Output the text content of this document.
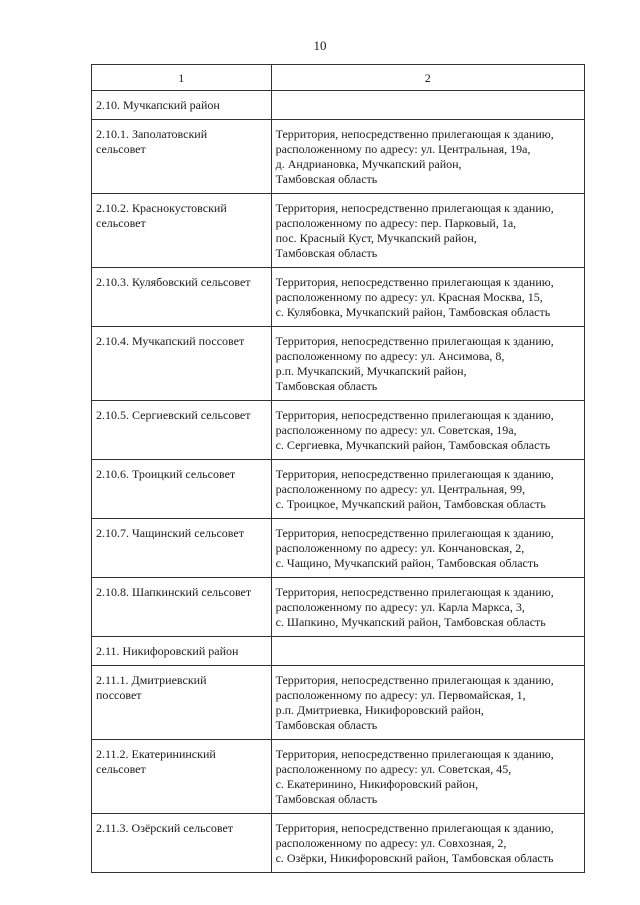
10
1	2

2.10. Мучкапский район	

2.10.1. Заполатовский
сельсовет	Территория, непосредственно прилегающая к зданию,
расположенному по адресу: ул. Центральная, 19а,
д. Андриановка, Мучкапский район,
Тамбовская область

2.10.2. Краснокустовский
сельсовет	Территория, непосредственно прилегающая к зданию,
расположенному по адресу: пер. Парковый, 1а,
пос. Красный Куст, Мучкапский район,
Тамбовская область

2.10.3. Кулябовский сельсовет	Территория, непосредственно прилегающая к зданию,
расположенному по адресу: ул. Красная Москва, 15,
с. Кулябовка, Мучкапский район, Тамбовская область

2.10.4. Мучкапский поссовет	Территория, непосредственно прилегающая к зданию,
расположенному по адресу: ул. Ансимова, 8,
р.п. Мучкапский, Мучкапский район,
Тамбовская область

2.10.5. Сергиевский сельсовет	Территория, непосредственно прилегающая к зданию,
расположенному по адресу: ул. Советская, 19а,
с. Сергиевка, Мучкапский район, Тамбовская область

2.10.6. Троицкий сельсовет	Территория, непосредственно прилегающая к зданию,
расположенному по адресу: ул. Центральная, 99,
с. Троицкое, Мучкапский район, Тамбовская область

2.10.7. Чащинский сельсовет	Территория, непосредственно прилегающая к зданию,
расположенному по адресу: ул. Кончановская, 2,
с. Чащино, Мучкапский район, Тамбовская область

2.10.8. Шапкинский сельсовет	Территория, непосредственно прилегающая к зданию,
расположенному по адресу: ул. Карла Маркса, 3,
с. Шапкино, Мучкапский район, Тамбовская область

2.11. Никифоровский район	

2.11.1. Дмитриевский
поссовет	Территория, непосредственно прилегающая к зданию,
расположенному по адресу: ул. Первомайская, 1,
р.п. Дмитриевка, Никифоровский район,
Тамбовская область

2.11.2. Екатерининский
сельсовет	Территория, непосредственно прилегающая к зданию,
расположенному по адресу: ул. Советская, 45,
с. Екатеринино, Никифоровский район,
Тамбовская область

2.11.3. Озёрский сельсовет	Территория, непосредственно прилегающая к зданию,
расположенному по адресу: ул. Совхозная, 2,
с. Озёрки, Никифоровский район, Тамбовская область
